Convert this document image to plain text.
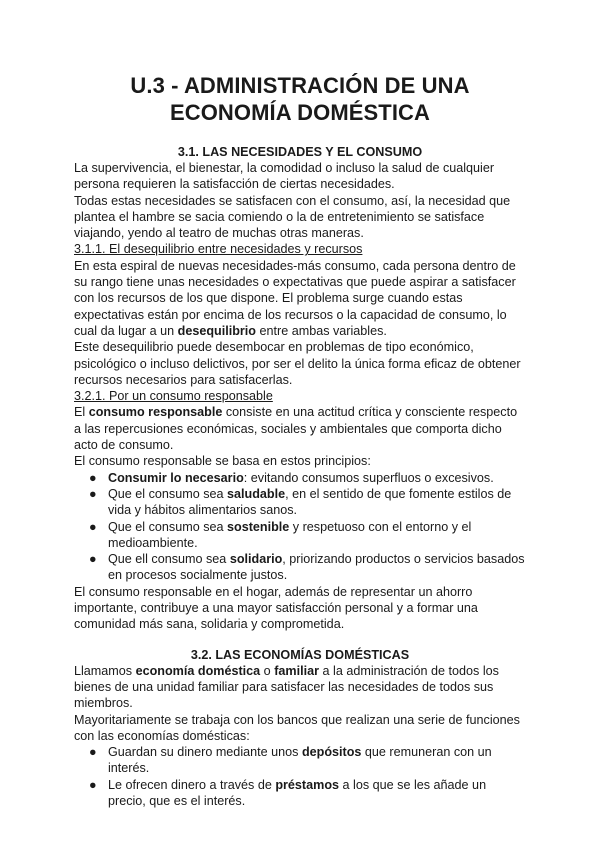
U.3 - ADMINISTRACIÓN DE UNA ECONOMÍA DOMÉSTICA
3.1. LAS NECESIDADES Y EL CONSUMO

La supervivencia, el bienestar, la comodidad o incluso la salud de cualquier persona requieren la satisfacción de ciertas necesidades.

Todas estas necesidades se satisfacen con el consumo, así, la necesidad que plantea el hambre se sacia comiendo o la de entretenimiento se satisface viajando, yendo al teatro de muchas otras maneras.

3.1.1. El desequilibrio entre necesidades y recursos

En esta espiral de nuevas necesidades-más consumo, cada persona dentro de su rango tiene unas necesidades o expectativas que puede aspirar a satisfacer con los recursos de los que dispone. El problema surge cuando estas expectativas están por encima de los recursos o la capacidad de consumo, lo cual da lugar a un desequilibrio entre ambas variables.

Este desequilibrio puede desembocar en problemas de tipo económico, psicológico o incluso delictivos, por ser el delito la única forma eficaz de obtener recursos necesarios para satisfacerlas.

3.2.1. Por un consumo responsable

El consumo responsable consiste en una actitud crítica y consciente respecto a las repercusiones económicas, sociales y ambientales que comporta dicho acto de consumo.

El consumo responsable se basa en estos principios:

● Consumir lo necesario: evitando consumos superfluos o excesivos.
● Que el consumo sea saludable, en el sentido de que fomente estilos de vida y hábitos alimentarios sanos.
● Que el consumo sea sostenible y respetuoso con el entorno y el medioambiente.
● Que ell consumo sea solidario, priorizando productos o servicios basados en procesos socialmente justos.

El consumo responsable en el hogar, además de representar un ahorro importante, contribuye a una mayor satisfacción personal y a formar una comunidad más sana, solidaria y comprometida.

3.2. LAS ECONOMÍAS DOMÉSTICAS

Llamamos economía doméstica o familiar a la administración de todos los bienes de una unidad familiar para satisfacer las necesidades de todos sus miembros.

Mayoritariamente se trabaja con los bancos que realizan una serie de funciones con las economías domésticas:

● Guardan su dinero mediante unos depósitos que remuneran con un interés.
● Le ofrecen dinero a través de préstamos a los que se les añade un precio, que es el interés.
